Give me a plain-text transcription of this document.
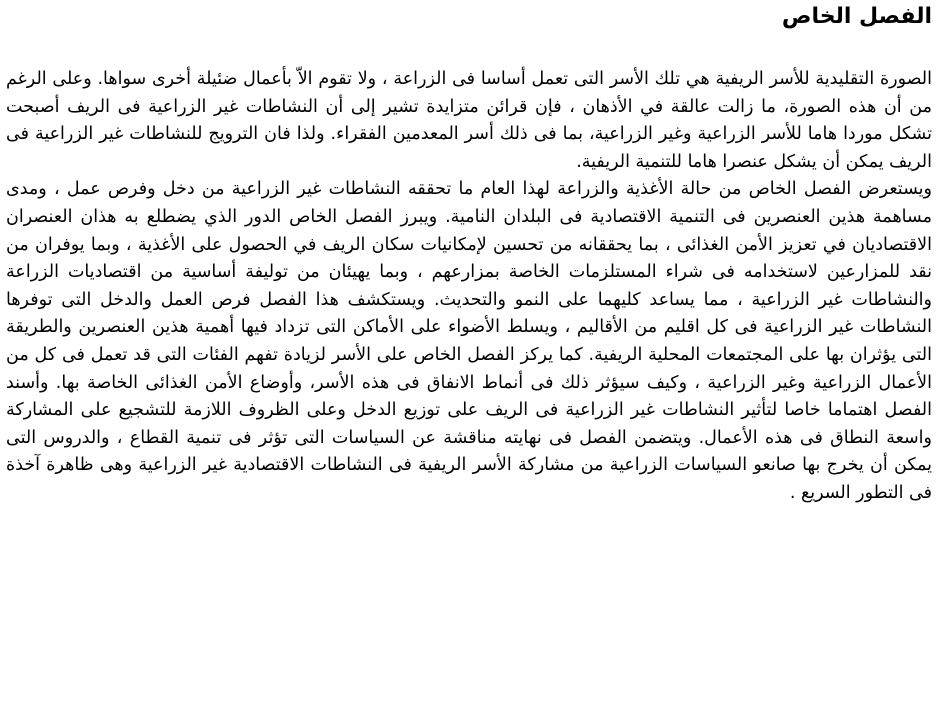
الفصل الخاص

الصورة التقليدية للأسر الريفية هي تلك الأسر التى تعمل أساسا فى الزراعة ، ولا تقوم الاّ بأعمال ضئيلة أخرى سواها. وعلى الرغم من أن هذه الصورة، ما زالت عالقة في الأذهان ، فإن قرائن متزايدة تشير إلى أن النشاطات غير الزراعية فى الريف أصبحت تشكل موردا هاما للأسر الزراعية وغير الزراعية، بما فى ذلك أسر المعدمين الفقراء. ولذا فان الترويج للنشاطات غير الزراعية فى الريف يمكن أن يشكل عنصرا هاما للتنمية الريفية.

ويستعرض الفصل الخاص من حالة الأغذية والزراعة لهذا العام ما تحققه النشاطات غير الزراعية من دخل وفرص عمل ، ومدى مساهمة هذين العنصرين فى التنمية الاقتصادية فى البلدان النامية. ويبرز الفصل الخاص الدور الذي يضطلع به هذان العنصران الاقتصاديان في تعزيز الأمن الغذائى ، بما يحققانه من تحسين لإمكانيات سكان الريف في الحصول على الأغذية ، وبما يوفران من نقد للمزارعين لاستخدامه فى شراء المستلزمات الخاصة بمزارعهم ، وبما يهيئان من توليفة أساسية من اقتصاديات الزراعة والنشاطات غير الزراعية ، مما يساعد كليهما على النمو والتحديث. ويستكشف هذا الفصل فرص العمل والدخل التى توفرها النشاطات غير الزراعية فى كل اقليم من الأقاليم ، ويسلط الأضواء على الأماكن التى تزداد فيها أهمية هذين العنصرين والطريقة التى يؤثران بها على المجتمعات المحلية الريفية. كما يركز الفصل الخاص على الأسر لزيادة تفهم الفئات التى قد تعمل فى كل من الأعمال الزراعية وغير الزراعية ، وكيف سيؤثر ذلك فى أنماط الانفاق فى هذه الأسر، وأوضاع الأمن الغذائى الخاصة بها. وأسند الفصل اهتماما خاصا لتأثير النشاطات غير الزراعية فى الريف على توزيع الدخل وعلى الظروف اللازمة للتشجيع على المشاركة واسعة النطاق فى هذه الأعمال. ويتضمن الفصل فى نهايته مناقشة عن السياسات التى تؤثر فى تنمية القطاع ، والدروس التى يمكن أن يخرج بها صانعو السياسات الزراعية من مشاركة الأسر الريفية فى النشاطات الاقتصادية غير الزراعية وهى ظاهرة آخذة فى التطور السريع .
